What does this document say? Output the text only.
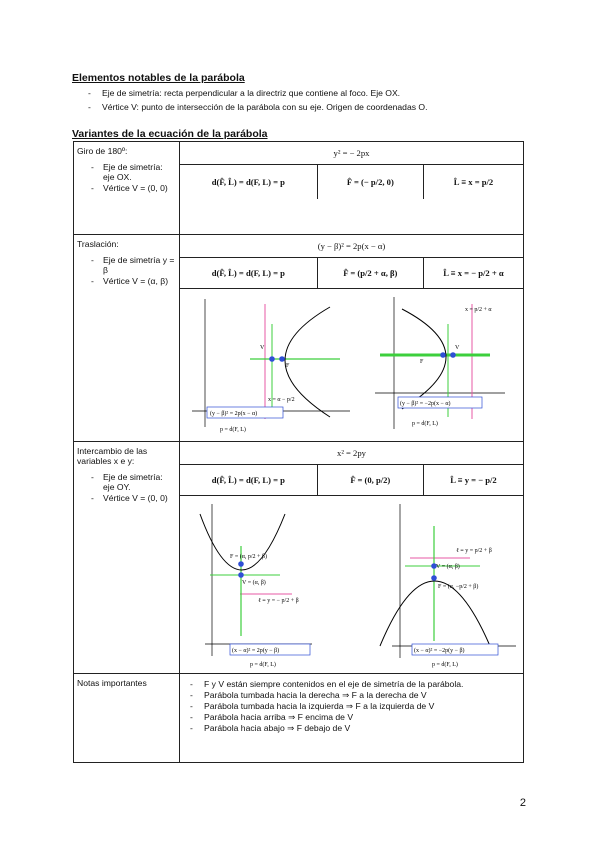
Elementos notables de la parábola
- Eje de simetría: recta perpendicular a la directriz que contiene al foco. Eje OX.
- Vértice V: punto de intersección de la parábola con su eje. Origen de coordenadas O.
Variantes de la ecuación de la parábola
Giro de 180º:
- Eje de simetría: eje OX.
- Vértice V = (0, 0)
	y² = − 2px

d(F̂, L̂) = d(F, L) = p	F̂ = (− p/2, 0)	L̂ ≡ x = p/2

Traslación:
- Eje de simetría y = β
- Vértice V = (α, β)
	(y − β)² = 2p(x − α)

d(F̂, L̂) = d(F, L) = p	F̂ = (p/2 + α, β)	L̂ ≡ x = − p/2 + α

V
F
x = α − p/2
(y − β)² = 2p(x − α)
p = d(F, L)
V
F
x = p/2 + α
(y − β)² = −2p(x − α)
p = d(F, L)

Intercambio de las variables x e y:
- Eje de simetría: eje OY.
- Vértice V = (0, 0)
	x² = 2py

d(F̂, L̂) = d(F, L) = p	F̂ = (0, p/2)	L̂ ≡ y = − p/2

F = (α, p/2 + β)
V = (α, β)
ℓ ≡ y = − p/2 + β
(x − α)² = 2p(y − β)
p = d(F, L)
ℓ ≡ y = p/2 + β
V = (α, β)
F = (α, −p/2 + β)
(x − α)² = −2p(y − β)
p = d(F, L)

Notas importantes	
-F y V están siempre contenidos en el eje de simetría de la parábola.
- Parábola tumbada hacia la derecha ⇒ F a la derecha de V
- Parábola tumbada hacia la izquierda ⇒ F a la izquierda de V
- Parábola hacia arriba ⇒ F encima de V
- Parábola hacia abajo ⇒ F debajo de V
2
